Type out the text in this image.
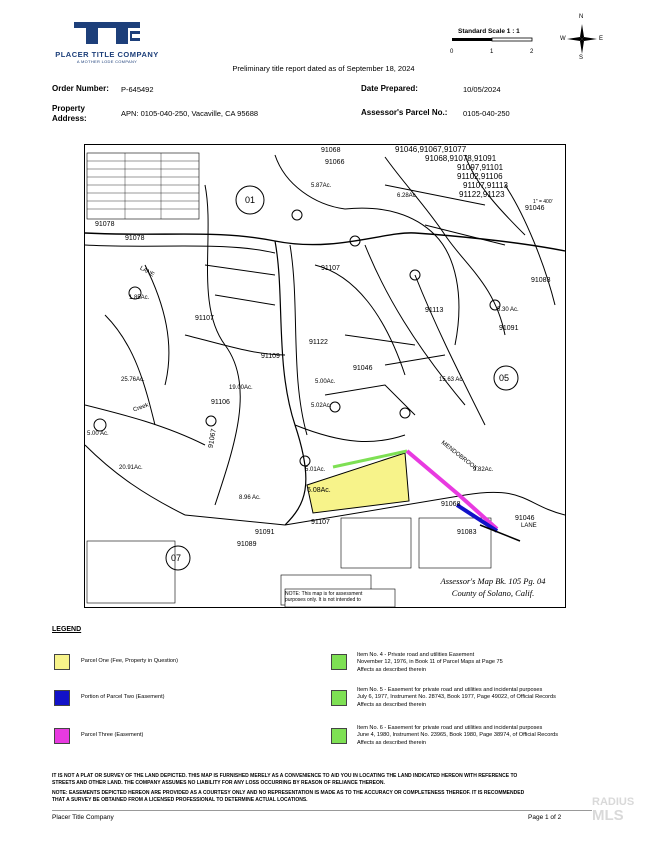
PLACER TITLE COMPANY
A MOTHER LODE COMPANY
Standard Scale 1 : 1
0	1	2
N
S
W	E
Preliminary title report dated as of September 18, 2024
Order Number: P-645492	Date Prepared:	10/05/2024
Property
Address:
APN: 0105-040-250, Vacaville, CA 95688	Assessor's Parcel No.: 0105-040-250
01
05
07
91046,91067,91077
91068,91078,91091
91097,91101
91102,91106
91107,91113
91122,91123
91068
91066
91078
91078
91107
91107
91106
91122
91113
91083
91083
91091
91091
91089
91107
91068
91046
91046
91046
91109
91067
6.08Ac.
8.96 Ac.
20.91Ac.
19.00Ac.
5.00Ac.	15.63 Ac.
25.76Ac.
1.85Ac.
5.00 Ac.
9.82Ac.
6.28Ac.
5.30 Ac.
5.87Ac.
5.02Ac.
5.01Ac.
LANE
LANE
Creek
MENDOBROOK
1" = 400'
NOTE: This map is for assessment
purposes only. It is not intended to
Assessor's Map Bk. 105 Pg. 04
County of Solano, Calif.
LEGEND
Parcel One (Fee, Property in Question)
Portion of Parcel Two (Easement)
Parcel Three (Easement)
Item No. 4 - Private road and utilities Easement
November 12, 1976, in Book 11 of Parcel Maps at Page 75
Affects as described therein
Item No. 5 - Easement for private road and utilities and incidental purposes
July 6, 1977, Instrument No. 28743, Book 1977, Page 49022, of Official Records
Affects as described therein
Item No. 6 - Easement for private road and utilities and incidental purposes
June 4, 1980, Instrument No. 23965, Book 1980, Page 38974, of Official Records
Affects as described therein
IT IS NOT A PLAT OR SURVEY OF THE LAND DEPICTED. THIS MAP IS FURNISHED MERELY AS A CONVENIENCE TO AID YOU IN LOCATING THE LAND INDICATED HEREON WITH REFERENCE TO
STREETS AND OTHER LAND. THE COMPANY ASSUMES NO LIABILITY FOR ANY LOSS OCCURRING BY REASON OF RELIANCE THEREON.
NOTE: EASEMENTS DEPICTED HEREON ARE PROVIDED AS A COURTESY ONLY AND NO REPRESENTATION IS MADE AS TO THE ACCURACY OR COMPLETENESS THEREOF. IT IS RECOMMENDED
THAT A SURVEY BE OBTAINED FROM A LICENSED PROFESSIONAL TO DETERMINE ACTUAL LOCATIONS.
Placer Title Company	Page 1 of 2
RADIUS
MLS
